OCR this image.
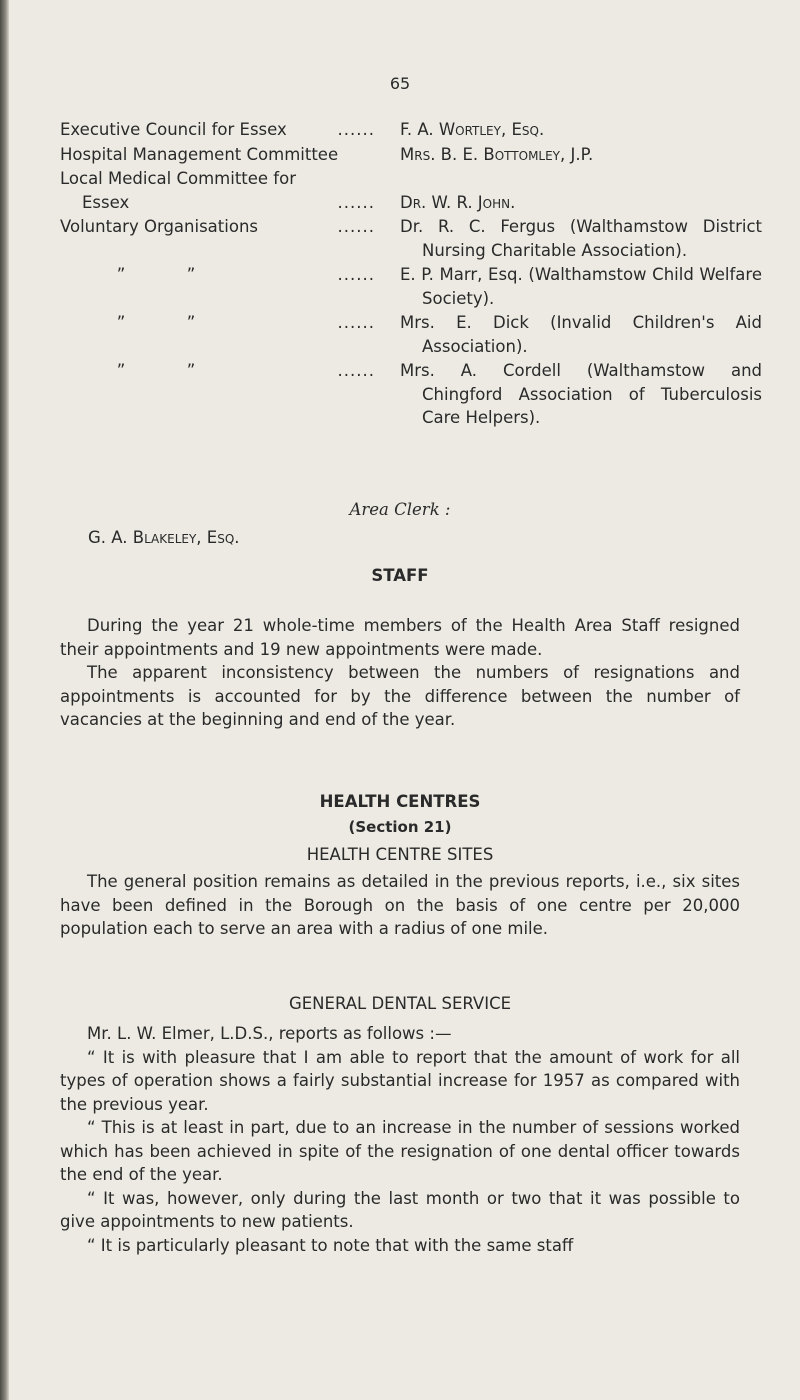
65
Executive Council for Essex	...... F. A. Wortley, Esq.
Hospital Management Committee	Mrs. B. E. Bottomley, J.P.
Local Medical Committee for
Essex	...... Dr. W. R. John.
Voluntary Organisations	...... Dr. R. C. Fergus (Walthamstow District Nursing Charitable Association).
”	”	...... E. P. Marr, Esq. (Walthamstow Child Welfare Society).
”	”	...... Mrs. E. Dick (Invalid Children's Aid Association).
”	”	...... Mrs. A. Cordell (Walthamstow and Chingford Association of Tuberculosis Care Helpers).
Area Clerk :
G. A. Blakeley, Esq.
STAFF

During the year 21 whole-time members of the Health Area Staff resigned their appointments and 19 new appointments were made.

The apparent inconsistency between the numbers of resignations and appointments is accounted for by the difference between the number of vacancies at the beginning and end of the year.

HEALTH CENTRES
(Section 21)
HEALTH CENTRE SITES

The general position remains as detailed in the previous reports, i.e., six sites have been defined in the Borough on the basis of one centre per 20,000 population each to serve an area with a radius of one mile.

GENERAL DENTAL SERVICE

Mr. L. W. Elmer, L.D.S., reports as follows :—

“ It is with pleasure that I am able to report that the amount of work for all types of operation shows a fairly substantial increase for 1957 as compared with the previous year.

“ This is at least in part, due to an increase in the number of sessions worked which has been achieved in spite of the resignation of one dental officer towards the end of the year.

“ It was, however, only during the last month or two that it was possible to give appointments to new patients.

“ It is particularly pleasant to note that with the same staff
